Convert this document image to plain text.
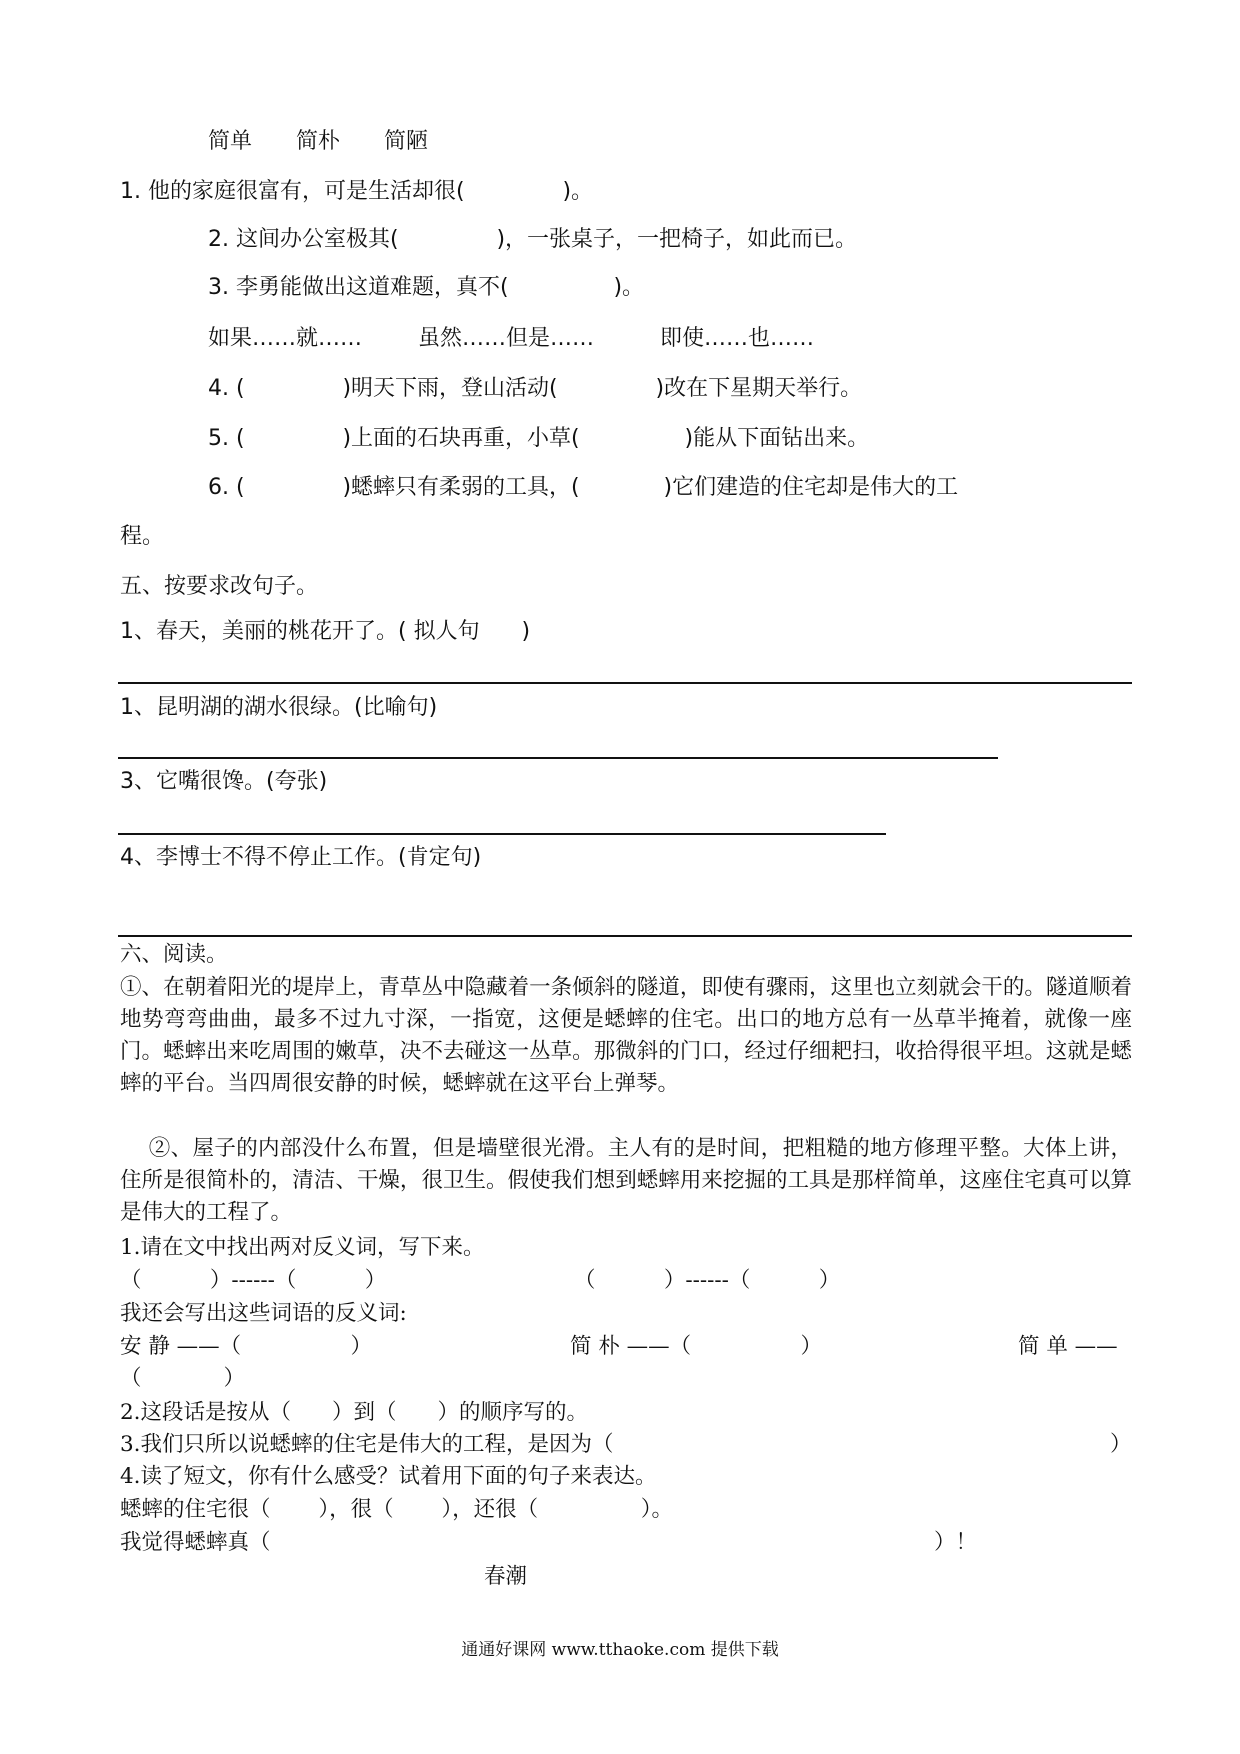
简单 简朴 简陋
1. 他的家庭很富有，可是生活却很(              )。
2. 这间办公室极其(              )，一张桌子，一把椅子，如此而已。
3. 李勇能做出这道难题，真不(               )。
如果……就……	虽然……但是……	即使……也……
4. (              )明天下雨，登山活动(              )改在下星期天举行。
5. (              )上面的石块再重，小草(               )能从下面钻出来。
6. (              )蟋蟀只有柔弱的工具，(            )它们建造的住宅却是伟大的工
程。
五、按要求改句子。
1、春天，美丽的桃花开了。( 拟人句      )
1、昆明湖的湖水很绿。(比喻句)
3、它嘴很馋。(夸张)
4、李博士不得不停止工作。(肯定句)
六、阅读。
①、在朝着阳光的堤岸上，青草丛中隐藏着一条倾斜的隧道，即使有骤雨，这里也立刻就会干的。隧道顺着地势弯弯曲曲，最多不过九寸深，一指宽，这便是蟋蟀的住宅。出口的地方总有一丛草半掩着，就像一座门。蟋蟀出来吃周围的嫩草，决不去碰这一丛草。那微斜的门口，经过仔细耙扫，收拾得很平坦。这就是蟋蟀的平台。当四周很安静的时候，蟋蟀就在这平台上弹琴。
②、屋子的内部没什么布置，但是墙壁很光滑。主人有的是时间，把粗糙的地方修理平整。大体上讲，住所是很简朴的，清洁、干燥，很卫生。假使我们想到蟋蟀用来挖掘的工具是那样简单，这座住宅真可以算是伟大的工程了。
1.请在文中找出两对反义词，写下来。
（          ）------（          ）	（          ）------（          ）
我还会写出这些词语的反义词:
安 静 ——（                ）	简 朴 ——（                ）	简 单 ——
（            ）
2.这段话是按从（      ）到（      ）的顺序写的。
3.我们只所以说蟋蟀的住宅是伟大的工程，是因为（	）
4.读了短文，你有什么感受？试着用下面的句子来表达。
蟋蟀的住宅很（       ），很（       ），还很（               ）。
我觉得蟋蟀真（	）！
春潮
通通好课网 www.tthaoke.com 提供下载
